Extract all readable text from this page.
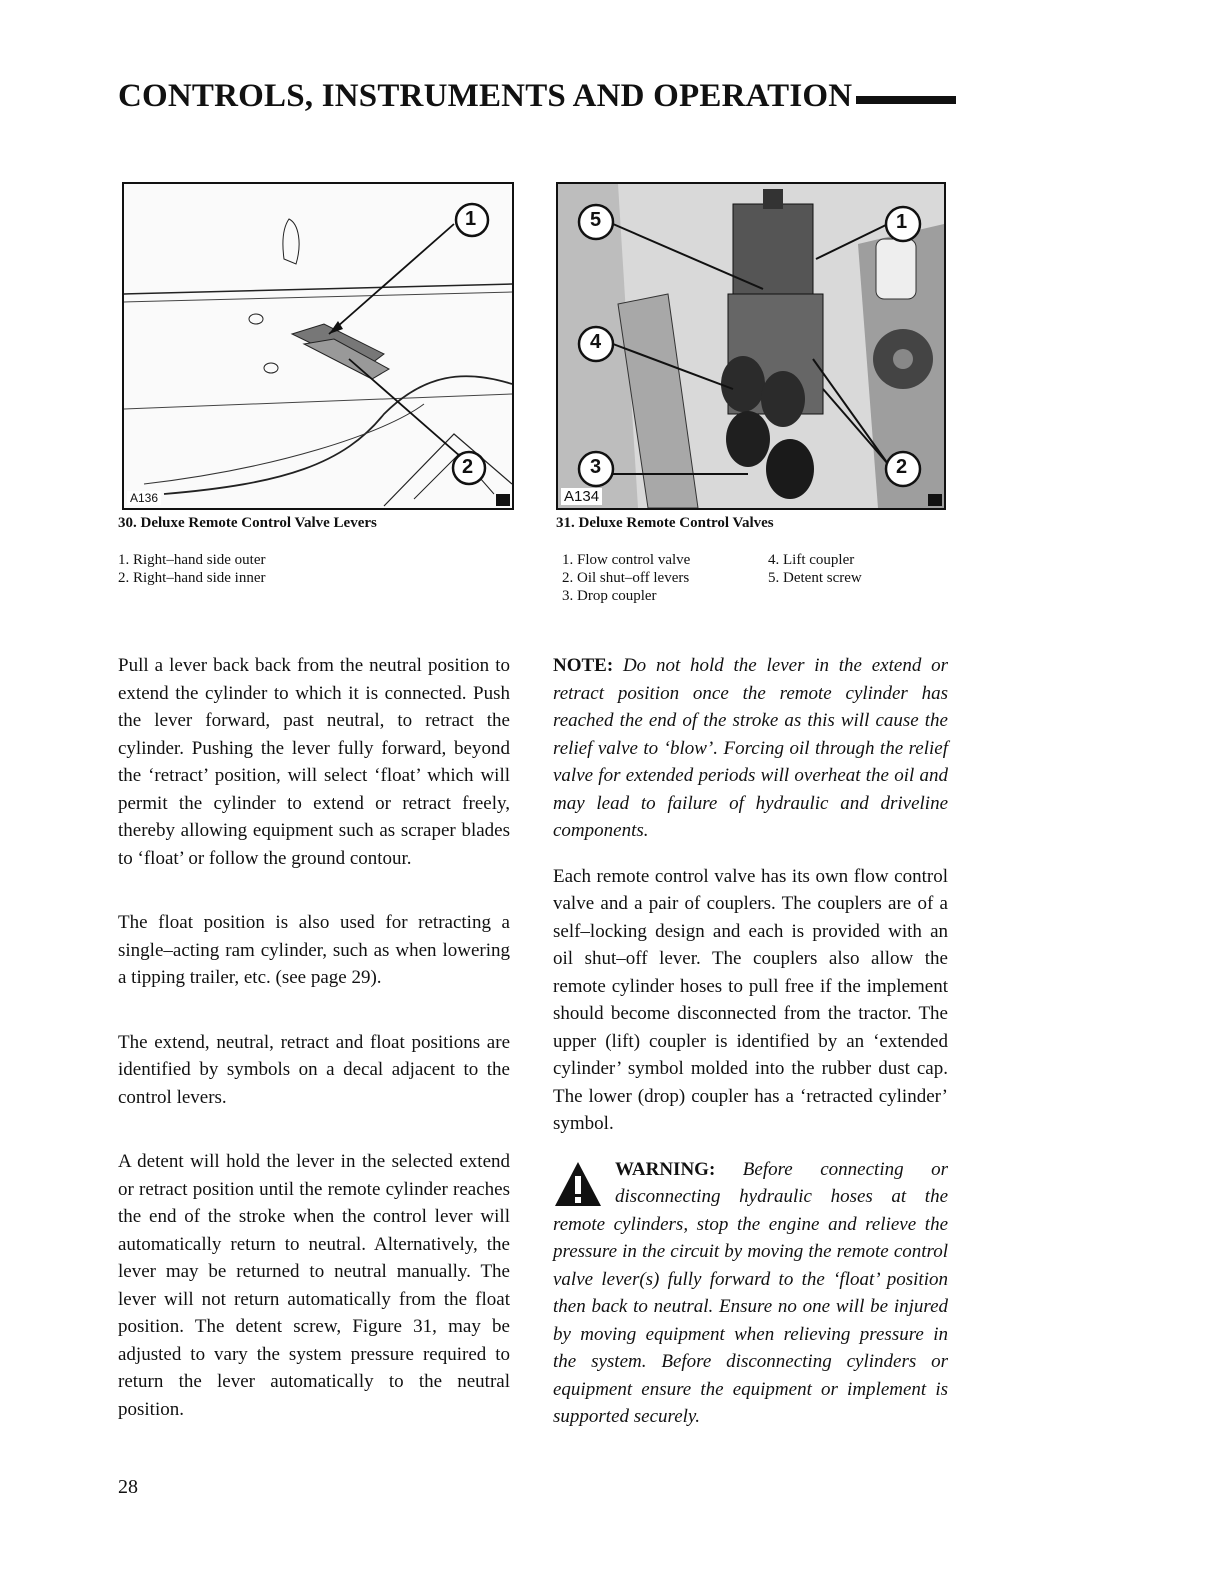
CONTROLS, INSTRUMENTS AND OPERATION
1
2
A136
30. Deluxe Remote Control Valve Levers
1. Right–hand side outer
2. Right–hand side inner
1
2
3
4
5
A134
31. Deluxe Remote Control Valves
1. Flow control valve
2. Oil shut–off levers
3. Drop coupler
4. Lift coupler
5. Detent screw

Pull a lever back back from the neutral position to extend the cylinder to which it is connected. Push the lever forward, past neutral, to retract the cylinder. Pushing the lever fully forward, beyond the ‘retract’ position, will select ‘float’ which will permit the cylinder to extend or retract freely, thereby allowing equipment such as scraper blades to ‘float’ or follow the ground contour.

The float position is also used for retracting a single–acting ram cylinder, such as when lowering a tipping trailer, etc. (see page 29).

The extend, neutral, retract and float positions are identified by symbols on a decal adjacent to the control levers.

A detent will hold the lever in the selected extend or retract position until the remote cylinder reaches the end of the stroke when the control lever will automatically return to neutral. Alternatively, the lever may be returned to neutral manually. The lever will not return automatically from the float position. The detent screw, Figure 31, may be adjusted to vary the system pressure required to return the lever automatically to the neutral position.

NOTE: Do not hold the lever in the extend or retract position once the remote cylinder has reached the end of the stroke as this will cause the relief valve to ‘blow’. Forcing oil through the relief valve for extended periods will overheat the oil and may lead to failure of hydraulic and driveline components.

Each remote control valve has its own flow control valve and a pair of couplers. The couplers are of a self–locking design and each is provided with an oil shut–off lever. The couplers also allow the remote cylinder hoses to pull free if the implement should become disconnected from the tractor. The upper (lift) coupler is identified by an ‘extended cylinder’ symbol molded into the rubber dust cap. The lower (drop) coupler has a ‘retracted cylinder’ symbol.

WARNING: Before connecting or disconnecting hydraulic hoses at the remote cylinders, stop the engine and relieve the pressure in the circuit by moving the remote control valve lever(s) fully forward to the ‘float’ position then back to neutral. Ensure no one will be injured by moving equipment when relieving pressure in the system. Before disconnecting cylinders or equipment ensure the equipment or implement is supported securely.

28
